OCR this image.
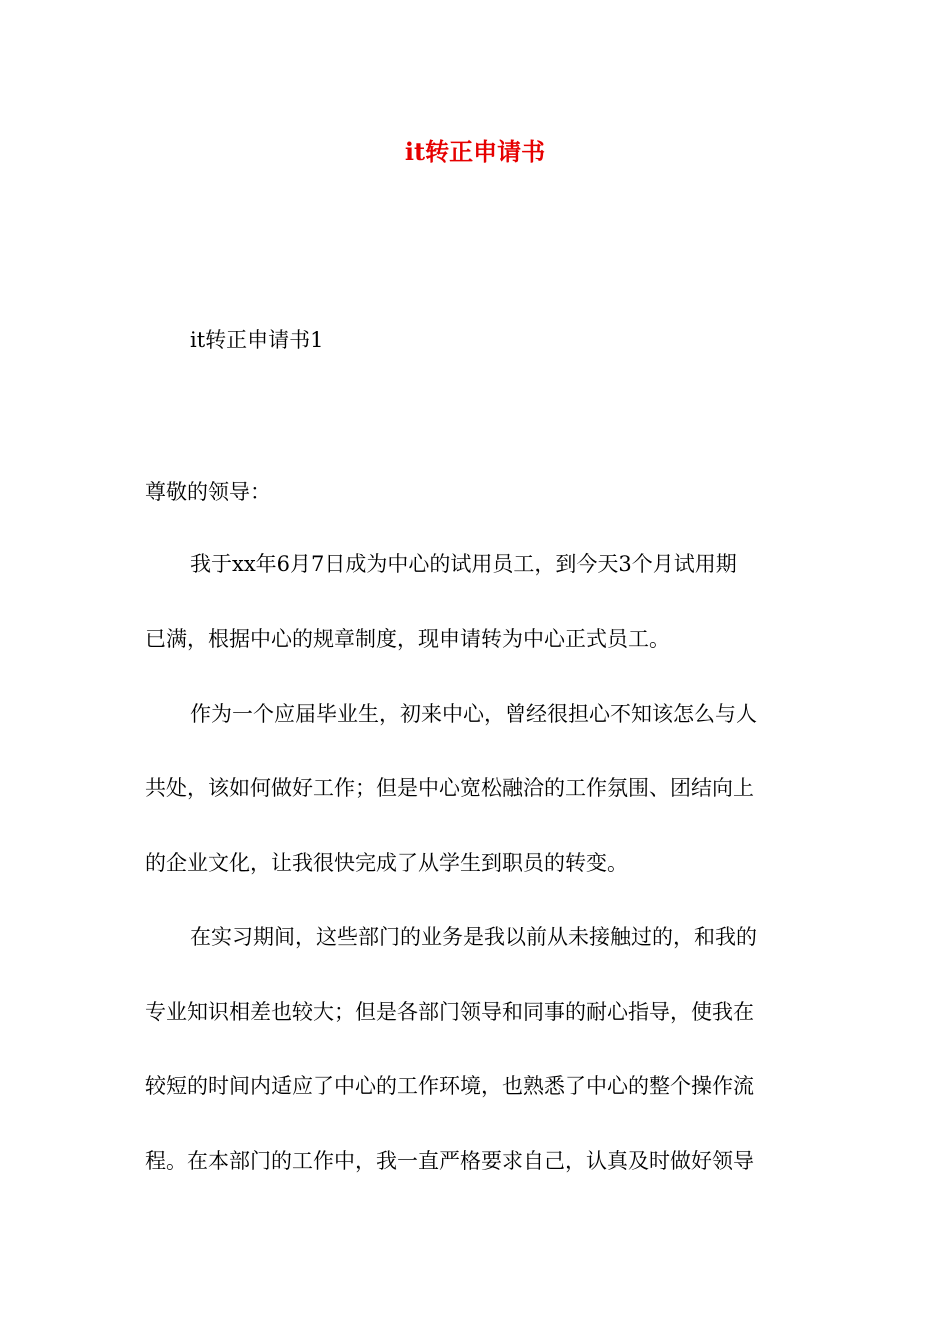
it转正申请书
it转正申请书1
尊敬的领导：
我于xx年6月7日成为中心的试用员工，到今天3个月试用期
已满，根据中心的规章制度，现申请转为中心正式员工。
作为一个应届毕业生，初来中心，曾经很担心不知该怎么与人
共处，该如何做好工作；但是中心宽松融洽的工作氛围、团结向上
的企业文化，让我很快完成了从学生到职员的转变。
在实习期间，这些部门的业务是我以前从未接触过的，和我的
专业知识相差也较大；但是各部门领导和同事的耐心指导，使我在
较短的时间内适应了中心的工作环境，也熟悉了中心的整个操作流
程。在本部门的工作中，我一直严格要求自己，认真及时做好领导
